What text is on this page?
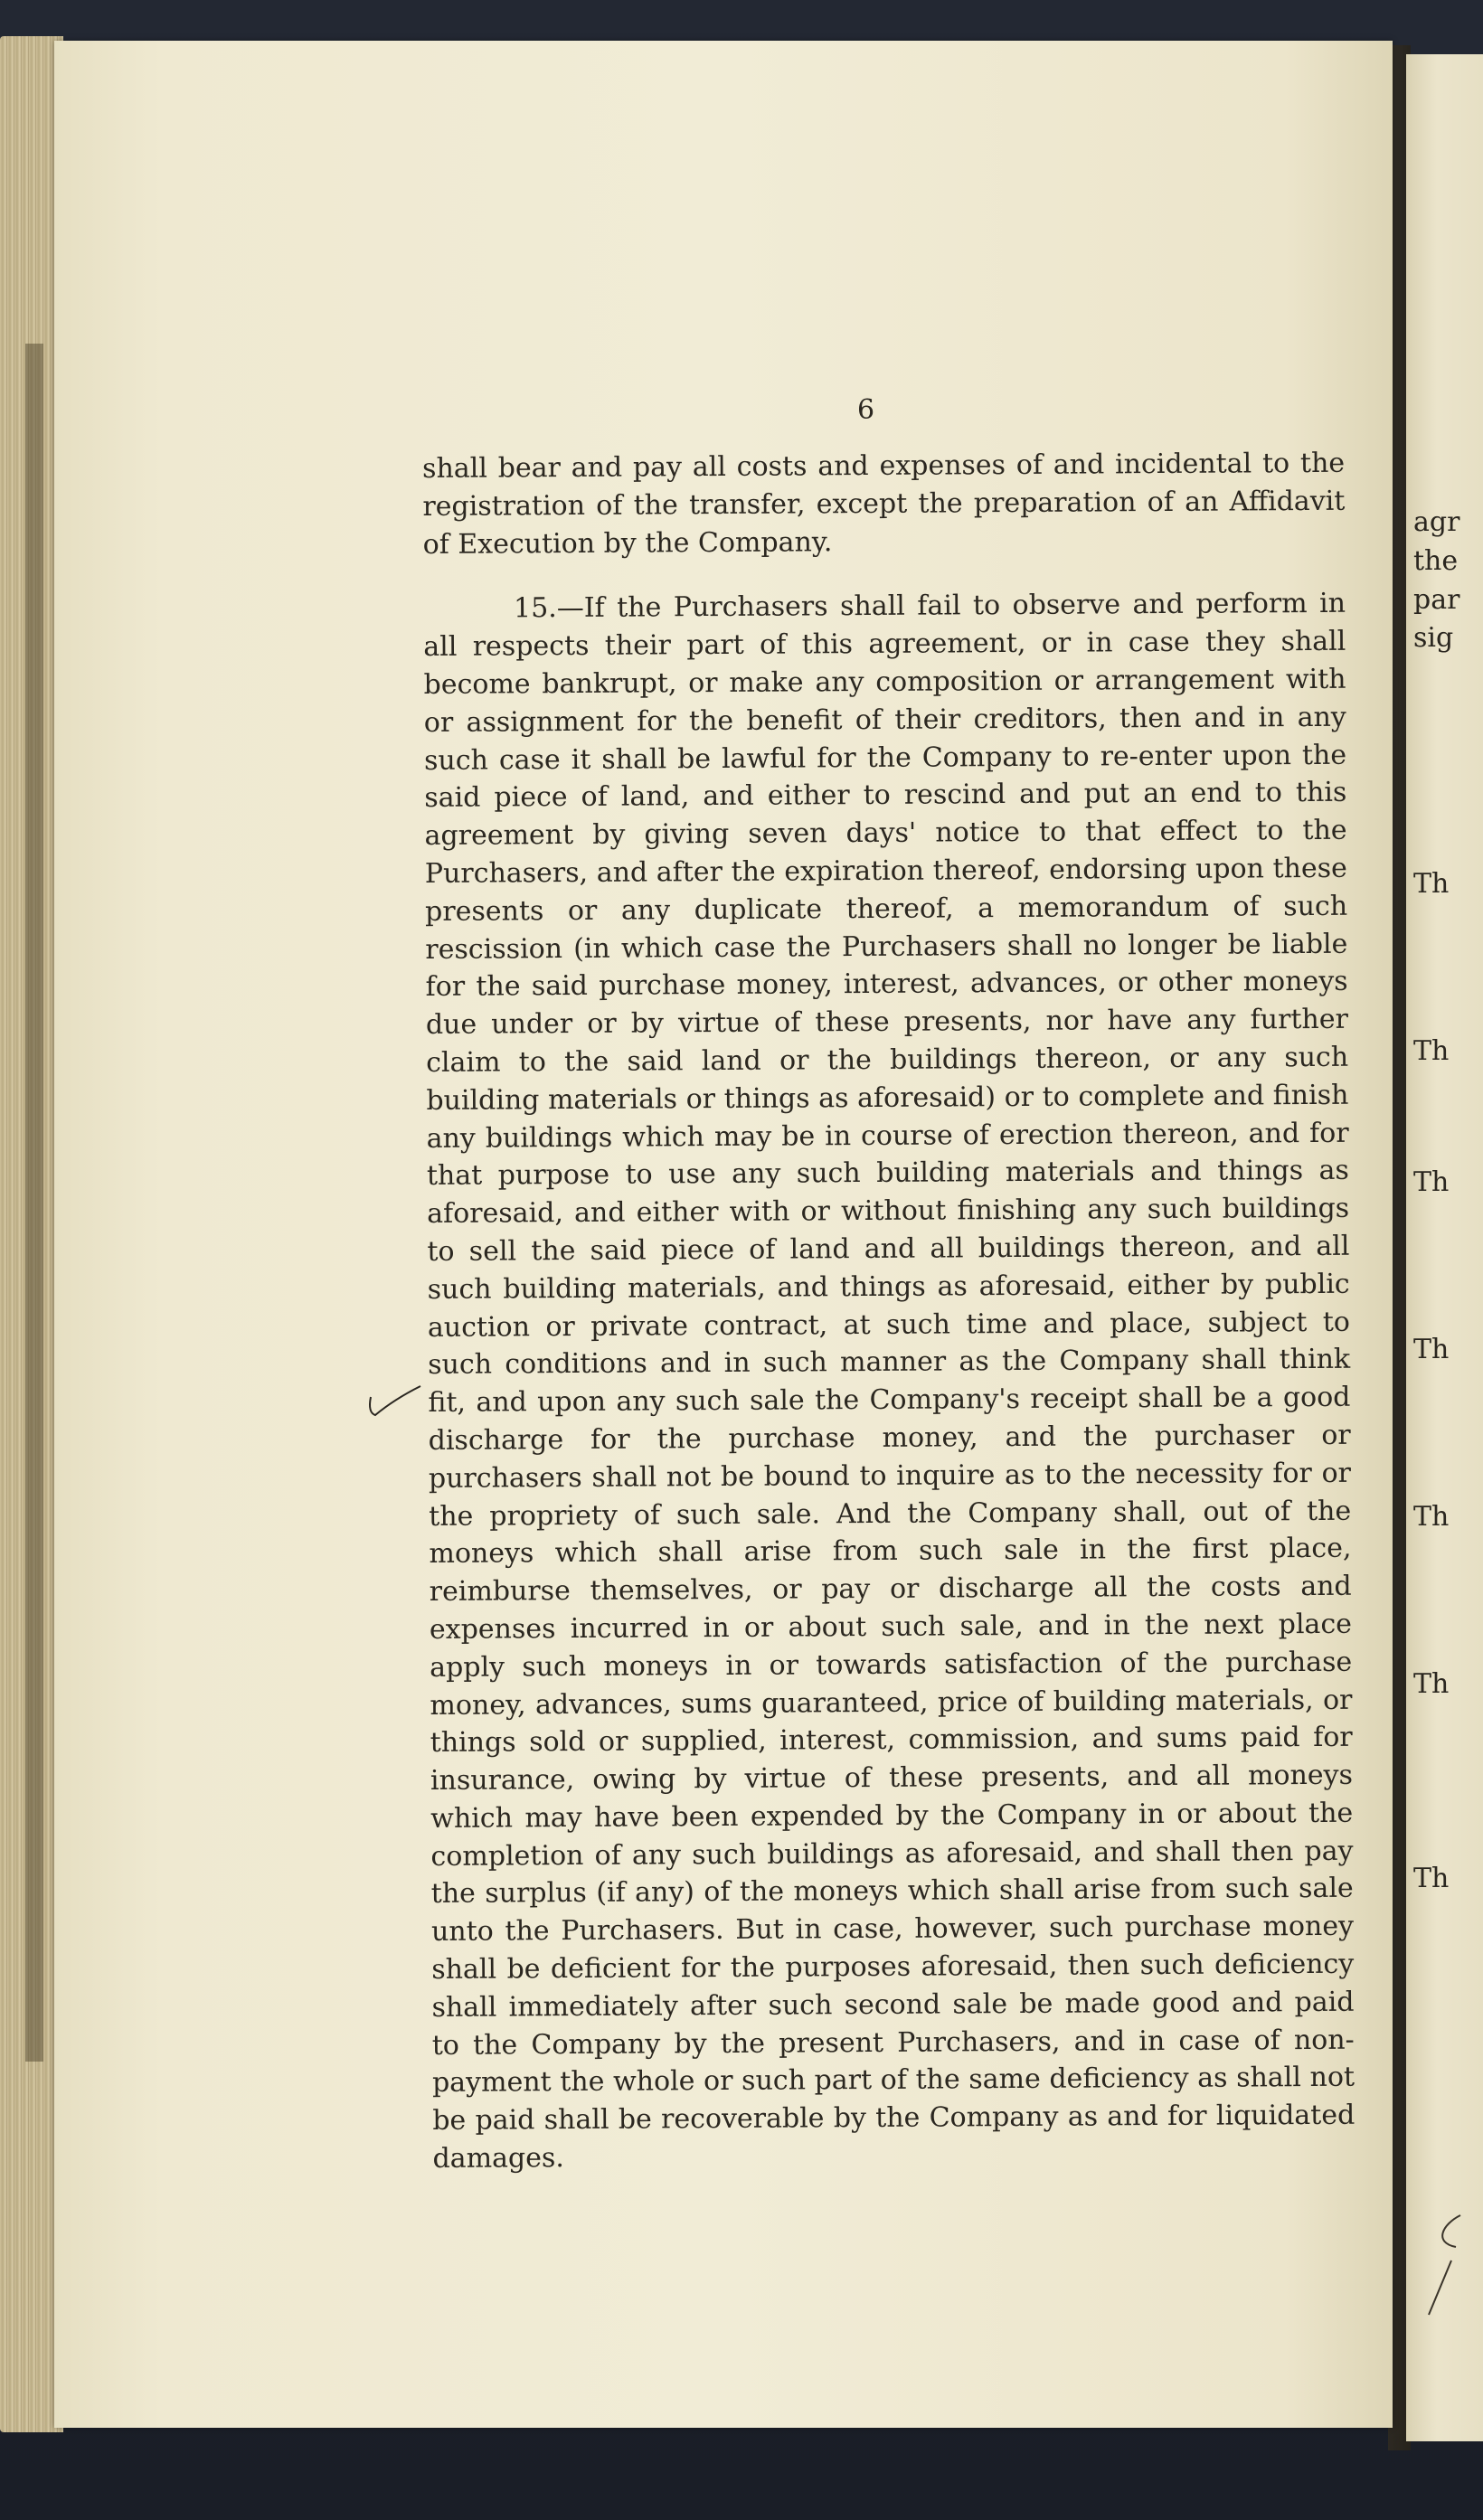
agr
the
par
sig
Th
Th
Th
Th
Th
Th
Th
6

shall bear and pay all costs and expenses of and incidental to the registration of the transfer, except the preparation of an Affidavit of Execution by the Company.

15.—If the Purchasers shall fail to observe and perform in all respects their part of this agreement, or in case they shall become bankrupt, or make any composition or arrangement with or assignment for the benefit of their creditors, then and in any such case it shall be lawful for the Company to re-enter upon the said piece of land, and either to rescind and put an end to this agreement by giving seven days' notice to that effect to the Purchasers, and after the expiration thereof, endorsing upon these presents or any duplicate thereof, a memorandum of such rescission (in which case the Purchasers shall no longer be liable for the said purchase money, interest, advances, or other moneys due under or by virtue of these presents, nor have any further claim to the said land or the buildings thereon, or any such building materials or things as aforesaid) or to complete and finish any buildings which may be in course of erection thereon, and for that purpose to use any such building materials and things as aforesaid, and either with or without finishing any such buildings to sell the said piece of land and all buildings thereon, and all such building materials, and things as aforesaid, either by public auction or private contract, at such time and place, subject to such conditions and in such manner as the Company shall think fit, and upon any such sale the Company's receipt shall be a good discharge for the purchase money, and the purchaser or purchasers shall not be bound to inquire as to the necessity for or the propriety of such sale. And the Company shall, out of the moneys which shall arise from such sale in the first place, reimburse themselves, or pay or discharge all the costs and expenses incurred in or about such sale, and in the next place apply such moneys in or towards satisfaction of the purchase money, advances, sums guaranteed, price of building materials, or things sold or supplied, interest, commission, and sums paid for insurance, owing by virtue of these presents, and all moneys which may have been expended by the Company in or about the completion of any such buildings as aforesaid, and shall then pay the surplus (if any) of the moneys which shall arise from such sale unto the Purchasers. But in case, however, such purchase money shall be deficient for the purposes aforesaid, then such deficiency shall immediately after such second sale be made good and paid to the Company by the present Purchasers, and in case of non-payment the whole or such part of the same deficiency as shall not be paid shall be recoverable by the Company as and for liquidated damages.
